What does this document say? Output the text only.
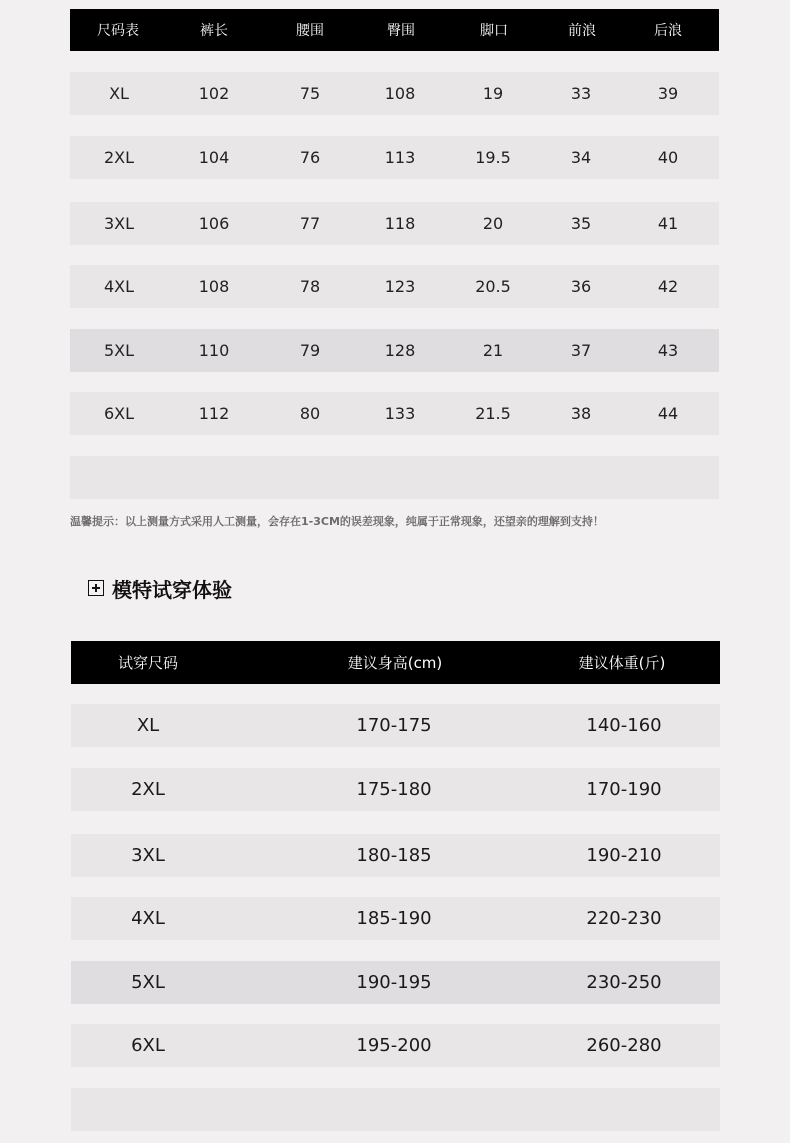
尺码表	裤长	腰围	臀围	脚口	前浪	后浪
XL	102	75	108	19	33	39
2XL	104	76	113	19.5	34	40
3XL	106	77	118	20	35	41
4XL	108	78	123	20.5	36	42
5XL	110	79	128	21	37	43
6XL	112	80	133	21.5	38	44
温馨提示：以上测量方式采用人工测量，会存在1-3CM的误差现象，纯属于正常现象，还望亲的理解到支持！
模特试穿体验
试穿尺码	建议身高(cm)	建议体重(斤)
XL	170-175	140-160
2XL	175-180	170-190
3XL	180-185	190-210
4XL	185-190	220-230
5XL	190-195	230-250
6XL	195-200	260-280
